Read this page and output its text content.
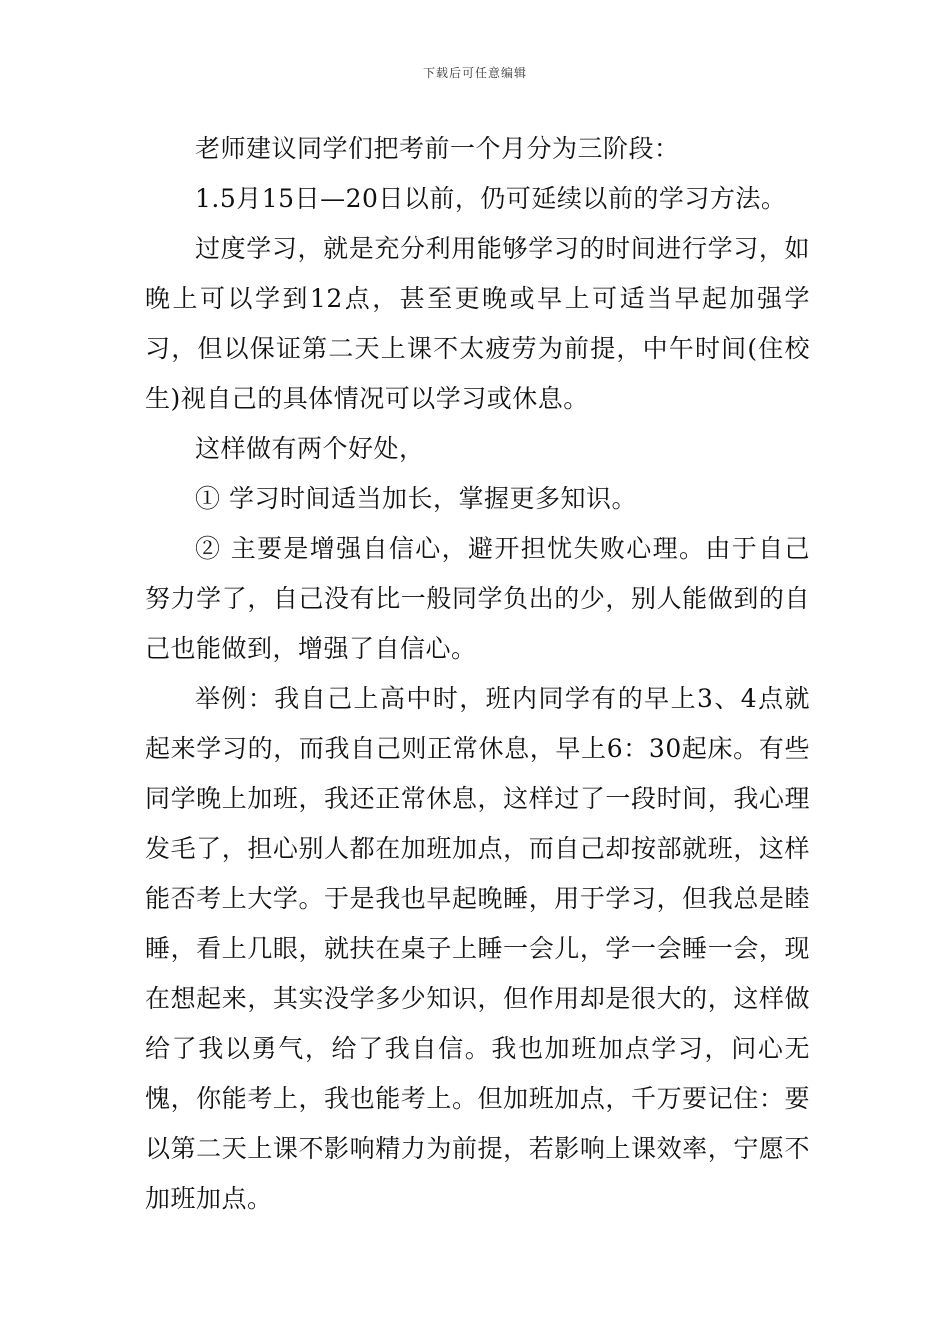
下载后可任意编辑

老师建议同学们把考前一个月分为三阶段：

1.5月15日—20日以前，仍可延续以前的学习方法。

过度学习，就是充分利用能够学习的时间进行学习，如晚上可以学到12点，甚至更晚或早上可适当早起加强学习，但以保证第二天上课不太疲劳为前提，中午时间(住校生)视自己的具体情况可以学习或休息。

这样做有两个好处，

① 学习时间适当加长，掌握更多知识。

② 主要是增强自信心，避开担忧失败心理。由于自己努力学了，自己没有比一般同学负出的少，别人能做到的自己也能做到，增强了自信心。

举例：我自己上高中时，班内同学有的早上3、4点就起来学习的，而我自己则正常休息，早上6：30起床。有些同学晚上加班，我还正常休息，这样过了一段时间，我心理发毛了，担心别人都在加班加点，而自己却按部就班，这样能否考上大学。于是我也早起晚睡，用于学习，但我总是睦睡，看上几眼，就扶在桌子上睡一会儿，学一会睡一会，现在想起来，其实没学多少知识，但作用却是很大的，这样做给了我以勇气，给了我自信。我也加班加点学习，问心无愧，你能考上，我也能考上。但加班加点，千万要记住：要以第二天上课不影响精力为前提，若影响上课效率，宁愿不加班加点。
